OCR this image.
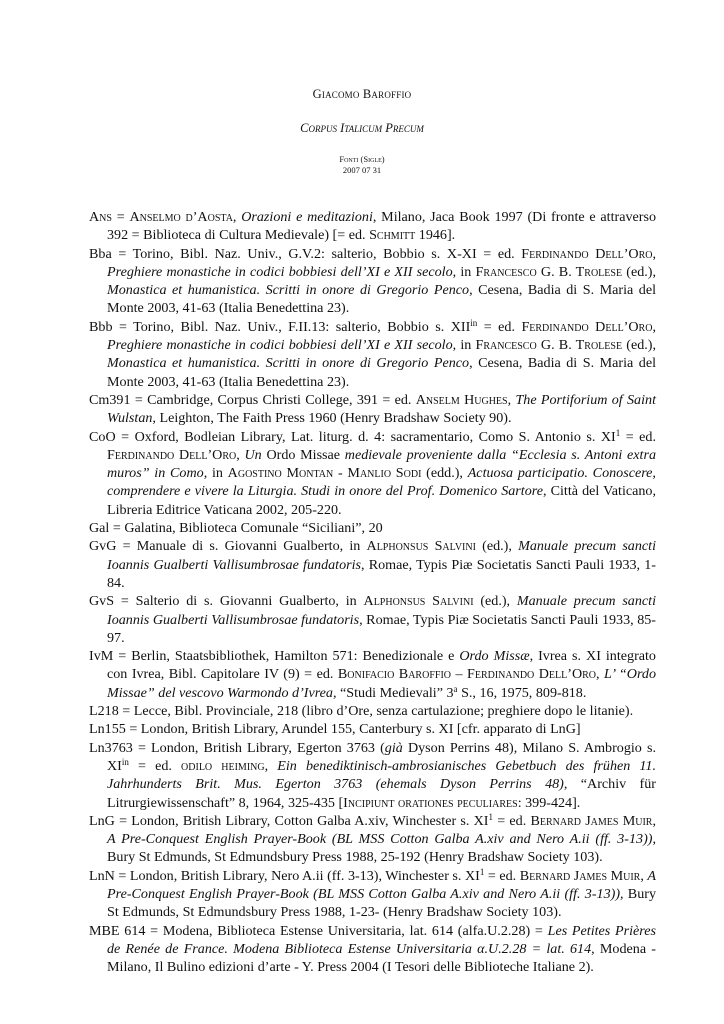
Giacomo Baroffio
Corpus Italicum Precum
Fonti (Sigle)
2007 07 31
Ans = Anselmo d’Aosta, Orazioni e meditazioni, Milano, Jaca Book 1997 (Di fronte e attraverso 392 = Biblioteca di Cultura Medievale) [= ed. Schmitt 1946].
Bba = Torino, Bibl. Naz. Univ., G.V.2: salterio, Bobbio s. X-XI = ed. Ferdinando Dell’Oro, Preghiere monastiche in codici bobbiesi dell’XI e XII secolo, in Francesco G. B. Trolese (ed.), Monastica et humanistica. Scritti in onore di Gregorio Penco, Cesena, Badia di S. Maria del Monte 2003, 41-63 (Italia Benedettina 23).
Bbb = Torino, Bibl. Naz. Univ., F.II.13: salterio, Bobbio s. $XII^{in}$ = ed. Ferdinando Dell’Oro, Preghiere monastiche in codici bobbiesi dell’XI e XII secolo, in Francesco G. B. Trolese (ed.), Monastica et humanistica. Scritti in onore di Gregorio Penco, Cesena, Badia di S. Maria del Monte 2003, 41-63 (Italia Benedettina 23).
Cm391 = Cambridge, Corpus Christi College, 391 = ed. Anselm Hughes, The Portiforium of Saint Wulstan, Leighton, The Faith Press 1960 (Henry Bradshaw Society 90).
CoO = Oxford, Bodleian Library, Lat. liturg. d. 4: sacramentario, Como S. Antonio s. $XI^1$ = ed. Ferdinando Dell’Oro, Un Ordo Missae medievale proveniente dalla “Ecclesia s. Antoni extra muros” in Como, in Agostino Montan - Manlio Sodi (edd.), Actuosa participatio. Conoscere, comprendere e vivere la Liturgia. Studi in onore del Prof. Domenico Sartore, Città del Vaticano, Libreria Editrice Vaticana 2002, 205-220.
Gal = Galatina, Biblioteca Comunale “Siciliani”, 20
GvG = Manuale di s. Giovanni Gualberto, in Alphonsus Salvini (ed.), Manuale precum sancti Ioannis Gualberti Vallisumbrosae fundatoris, Romae, Typis Piæ Societatis Sancti Pauli 1933, 1-84.
GvS = Salterio di s. Giovanni Gualberto, in Alphonsus Salvini (ed.), Manuale precum sancti Ioannis Gualberti Vallisumbrosae fundatoris, Romae, Typis Piæ Societatis Sancti Pauli 1933, 85-97.
IvM = Berlin, Staatsbibliothek, Hamilton 571: Benedizionale e Ordo Missæ, Ivrea s. XI integrato con Ivrea, Bibl. Capitolare IV (9) = ed. Bonifacio Baroffio – Ferdinando Dell’Oro, L’ “Ordo Missae” del vescovo Warmondo d’Ivrea, “Studi Medievali” 3$^a$ S., 16, 1975, 809-818.
L218 = Lecce, Bibl. Provinciale, 218 (libro d’Ore, senza cartulazione; preghiere dopo le litanie).
Ln155 = London, British Library, Arundel 155, Canterbury s. XI [cfr. apparato di LnG]
Ln3763 = London, British Library, Egerton 3763 (già Dyson Perrins 48), Milano S. Ambrogio s. $XI^{in}$ = ed. odilo heiming, Ein benediktinisch-ambrosianisches Gebetbuch des frühen 11. Jahrhunderts Brit. Mus. Egerton 3763 (ehemals Dyson Perrins 48), “Archiv für Litrurgiewissenschaft” 8, 1964, 325-435 [Incipiunt orationes peculiares: 399-424].
LnG = London, British Library, Cotton Galba A.xiv, Winchester s. $XI^1$ = ed. Bernard James Muir, A Pre-Conquest English Prayer-Book (BL MSS Cotton Galba A.xiv and Nero A.ii (ff. 3-13)), Bury St Edmunds, St Edmundsbury Press 1988, 25-192 (Henry Bradshaw Society 103).
LnN = London, British Library, Nero A.ii (ff. 3-13), Winchester s. $XI^1$ = ed. Bernard James Muir, A Pre-Conquest English Prayer-Book (BL MSS Cotton Galba A.xiv and Nero A.ii (ff. 3-13)), Bury St Edmunds, St Edmundsbury Press 1988, 1-23- (Henry Bradshaw Society 103).
MBE 614 = Modena, Biblioteca Estense Universitaria, lat. 614 (alfa.U.2.28) = Les Petites Prières de Renée de France. Modena Biblioteca Estense Universitaria α.U.2.28 = lat. 614, Modena - Milano, Il Bulino edizioni d’arte - Y. Press 2004 (I Tesori delle Biblioteche Italiane 2).
